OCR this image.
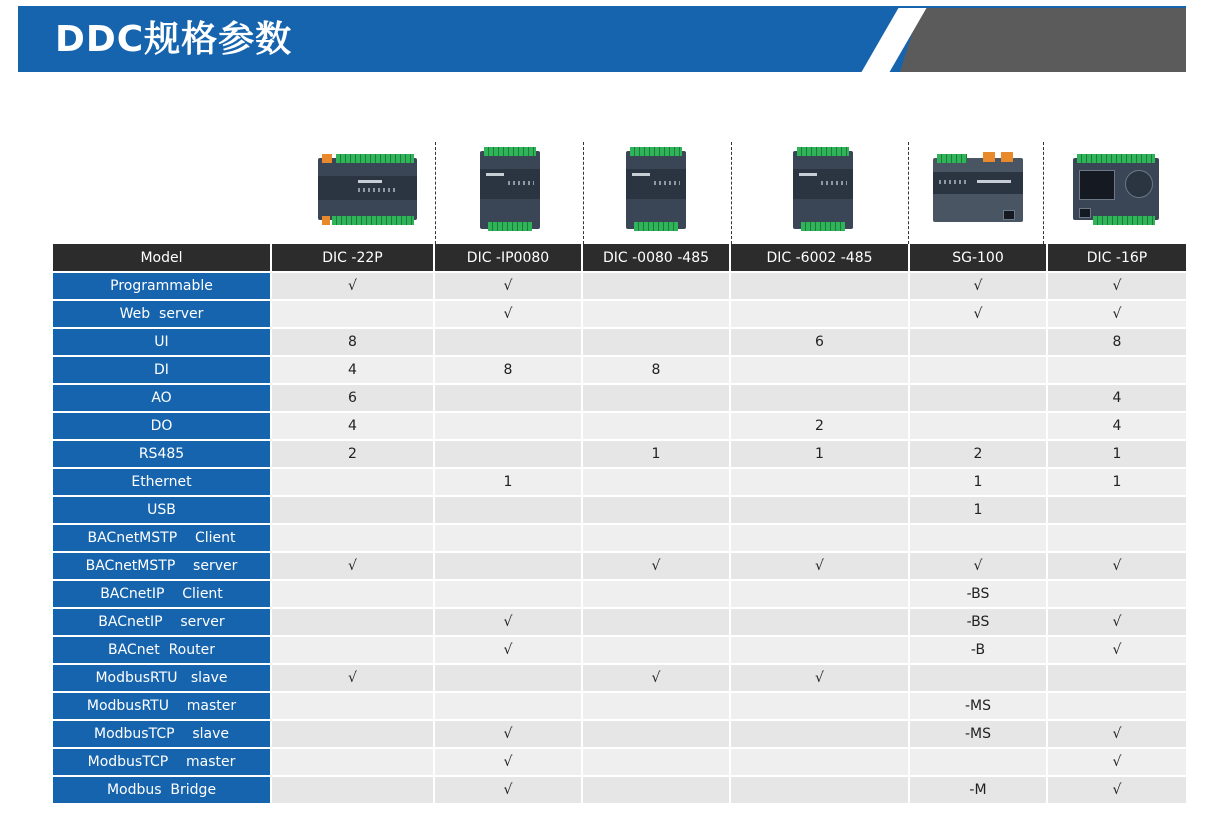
DDC规格参数
Model	DIC -22P	DIC -IP0080	DIC -0080 -485	DIC -6002 -485	SG-100	DIC -16P
Programmable	√	√			√	√
Web  server		√			√	√
UI	8			6		8
DI	4	8	8			
AO	6					4
DO	4			2		4
RS485	2		1	1	2	1
Ethernet		1			1	1
USB					1	
BACnetMSTP    Client						
BACnetMSTP    server	√		√	√	√	√
BACnetIP    Client					-BS	
BACnetIP    server		√			-BS	√
BACnet  Router		√			-B	√
ModbusRTU   slave	√		√	√		
ModbusRTU    master					-MS	
ModbusTCP    slave		√			-MS	√
ModbusTCP    master		√				√
Modbus  Bridge		√			-M	√
